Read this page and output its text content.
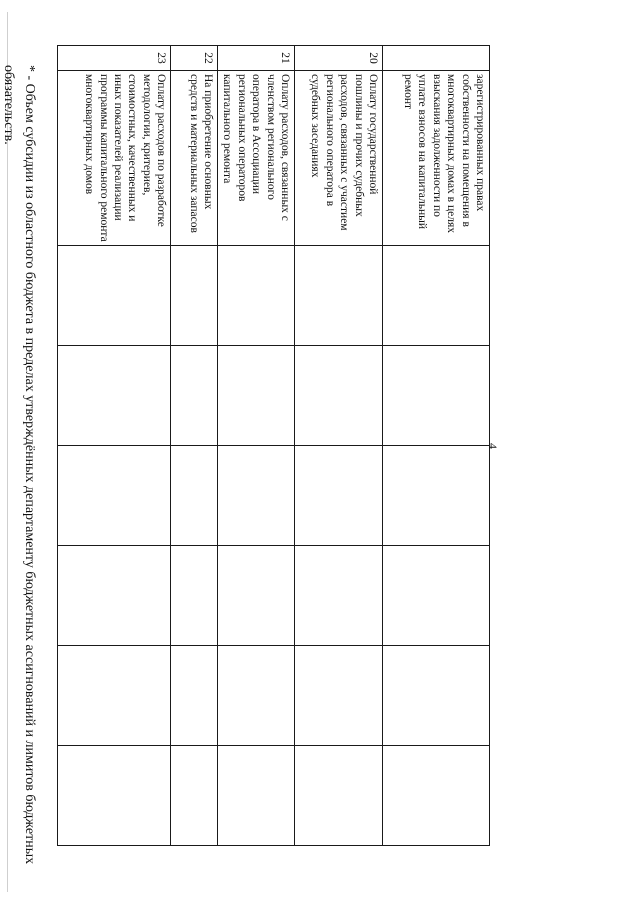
4
	зарегистрированных правах собственности на помещения в многоквартирных домах в целях взыскания задолженности по уплате взносов на капитальный ремонт						
20	Оплату государственной пошлины и прочих судебных расходов, связанных с участием регионального оператора в судебных заседаниях						
21	Оплату расходов, связанных с членством регионального оператора в Ассоциации региональных операторов капитального ремонта						
22	На приобретение основных средств и материальных запасов						
23	Оплату расходов по разработке методологии, критериев, стоимостных, качественных и иных показателей реализации программы капитального ремонта многоквартирных домов						
* - Объем субсидии из областного бюджета в пределах утверждённых департаменту бюджетных ассигнований и лимитов бюджетных обязательств.
